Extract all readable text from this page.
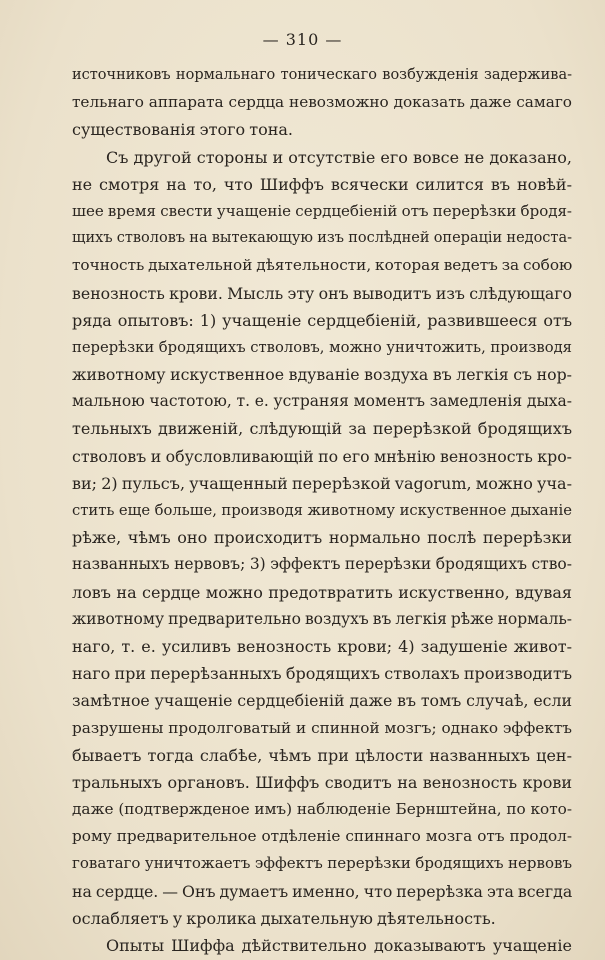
— 310 —
источниковъ нормальнаго тоническаго возбужденія задержива-
тельнаго аппарата сердца невозможно доказать даже самаго
существованія этого тона.
Съ другой стороны и отсутствіе его вовсе не доказано,
не смотря на то, что Шиффъ всячески силится въ новѣй-
шее время свести учащеніе сердцебіеній отъ перерѣзки бродя-
щихъ стволовъ на вытекающую изъ послѣдней операціи недоста-
точность дыхательной дѣятельности, которая ведетъ за собою
венозность крови. Мысль эту онъ выводитъ изъ слѣдующаго
ряда опытовъ: 1) учащеніе сердцебіеній, развившееся отъ
перерѣзки бродящихъ стволовъ, можно уничтожить, производя
животному искуственное вдуваніе воздуха въ легкія съ нор-
мальною частотою, т. е. устраняя моментъ замедленія дыха-
тельныхъ движеній, слѣдующій за перерѣзкой бродящихъ
стволовъ и обусловливающій по его мнѣнію венозность кро-
ви; 2) пульсъ, учащенный перерѣзкой vagorum, можно уча-
стить еще больше, производя животному искуственное дыханіе
рѣже, чѣмъ оно происходитъ нормально послѣ перерѣзки
названныхъ нервовъ; 3) эффектъ перерѣзки бродящихъ ство-
ловъ на сердце можно предотвратить искуственно, вдувая
животному предварительно воздухъ въ легкія рѣже нормаль-
наго, т. е. усиливъ венозность крови; 4) задушеніе живот-
наго при перерѣзанныхъ бродящихъ стволахъ производитъ
замѣтное учащеніе сердцебіеній даже въ томъ случаѣ, если
разрушены продолговатый и спинной мозгъ; однако эффектъ
бываетъ тогда слабѣе, чѣмъ при цѣлости названныхъ цен-
тральныхъ органовъ. Шиффъ сводитъ на венозность крови
даже (подтвержденое имъ) наблюденіе Бернштейна, по кото-
рому предварительное отдѣленіе спиннаго мозга отъ продол-
говатаго уничтожаетъ эффектъ перерѣзки бродящихъ нервовъ
на сердце. — Онъ думаетъ именно, что перерѣзка эта всегда
ослабляетъ у кролика дыхательную дѣятельность.
Опыты Шиффа дѣйствительно доказываютъ учащеніе
